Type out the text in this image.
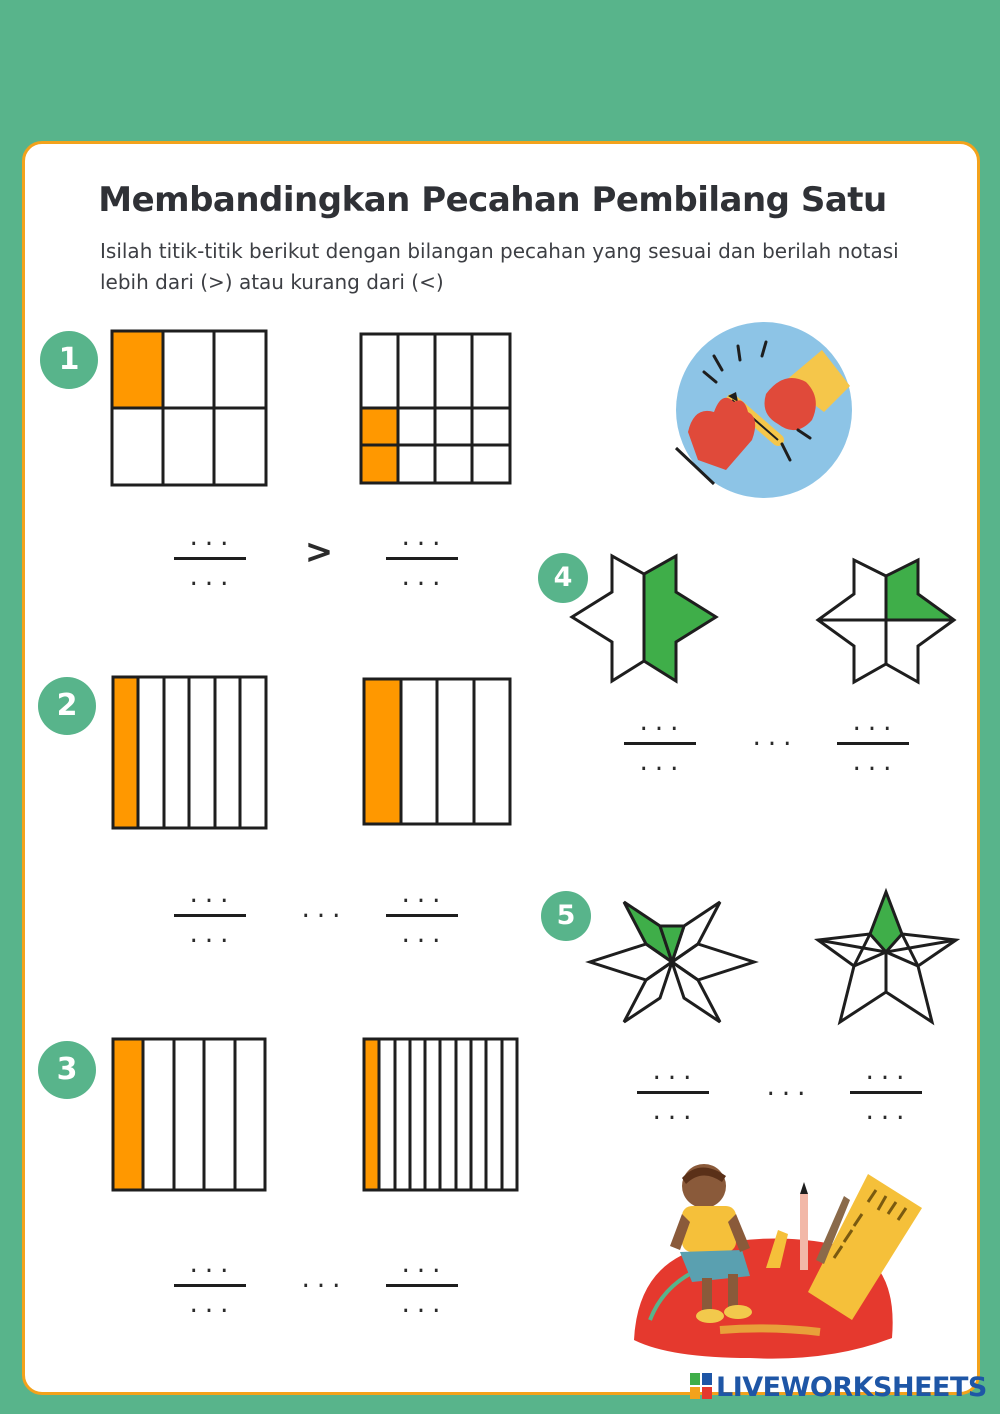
Membandingkan Pecahan Pembilang Satu
Isilah titik-titik berikut dengan bilangan pecahan yang sesuai dan berilah notasi lebih dari (>) atau kurang dari (<)
1
2
3
4
5
...
...
>	...
...
...
...
...
...
...
...
...
...
...
...
...
...
...
...
...
...
...
...
...
...
LIVEWORKSHEETS
